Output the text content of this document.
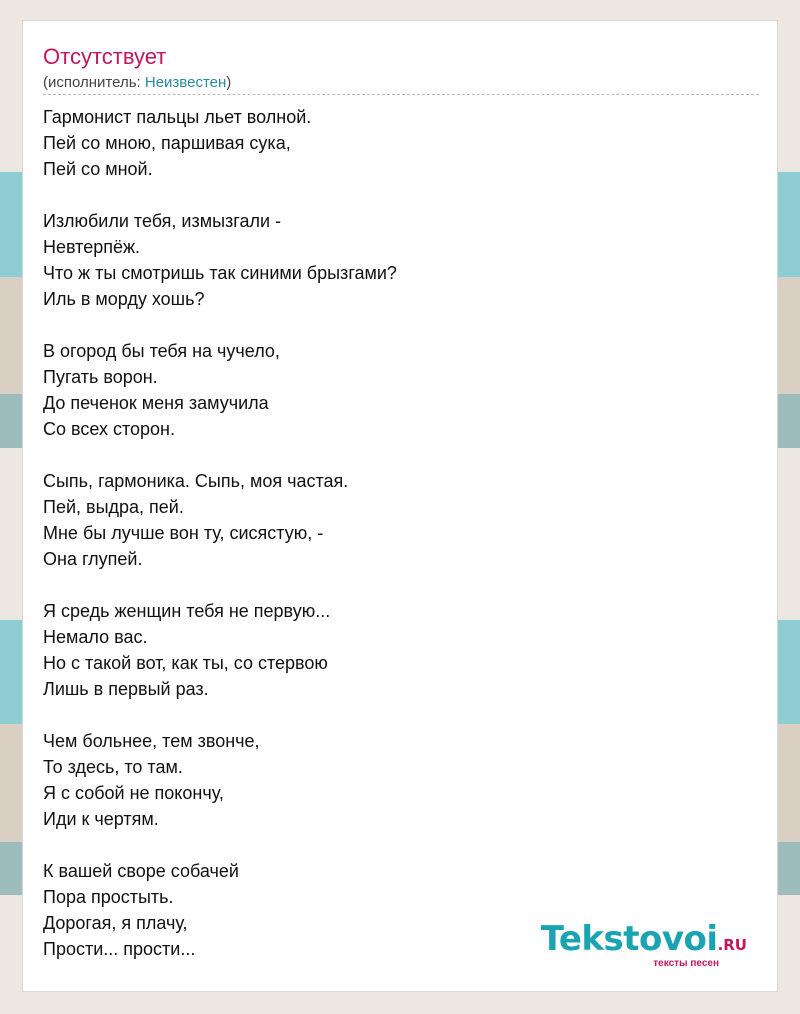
Отсутствует
(исполнитель: Неизвестен)
Гармонист пальцы льет волной.
Пей со мною, паршивая сука,
Пей со мной.
Излюбили тебя, измызгали -
Невтерпёж.
Что ж ты смотришь так синими брызгами?
Иль в морду хошь?
В огород бы тебя на чучело,
Пугать ворон.
До печенок меня замучила
Со всех сторон.
Сыпь, гармоника. Сыпь, моя частая.
Пей, выдра, пей.
Мне бы лучше вон ту, сисястую, -
Она глупей.
Я средь женщин тебя не первую...
Немало вас.
Но с такой вот, как ты, со стервою
Лишь в первый раз.
Чем больнее, тем звонче,
То здесь, то там.
Я с собой не покончу,
Иди к чертям.
К вашей своре собачей
Пора простыть.
Дорогая, я плачу,
Прости... прости...	Tekstovoi.RU
тексты песен
